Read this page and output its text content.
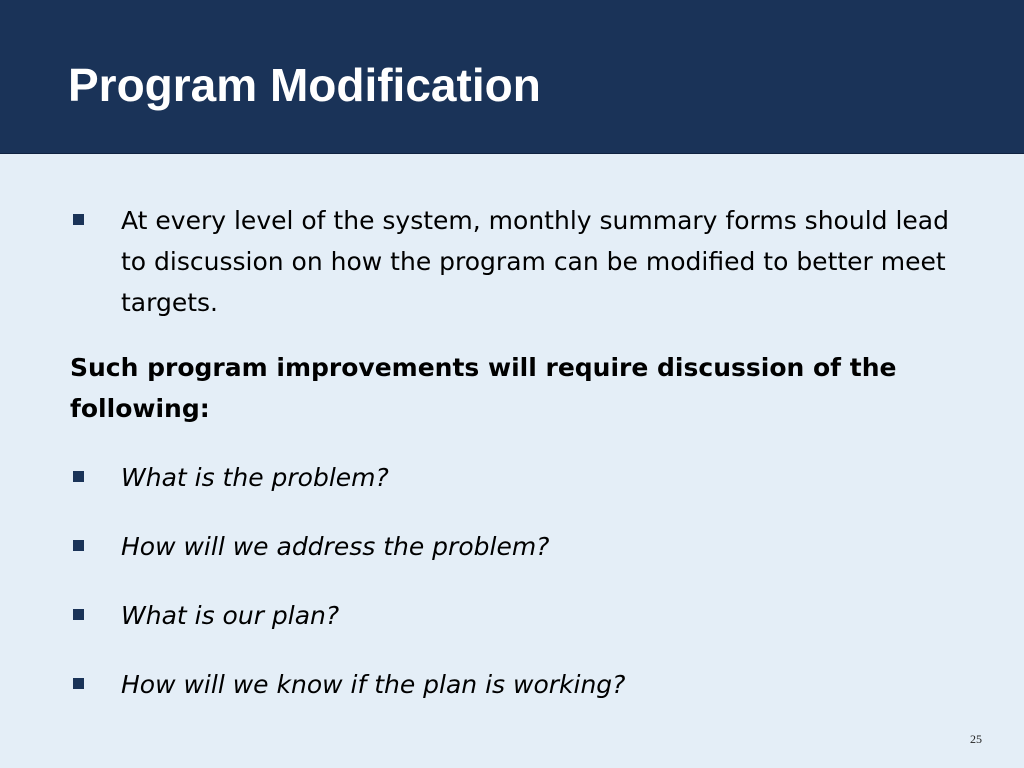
Program Modification

At every level of the system, monthly summary forms should lead to discussion on how the program can be modified to better meet targets.

Such program improvements will require discussion of the following:

What is the problem?

How will we address the problem?

What is our plan?

How will we know if the plan is working?

25
